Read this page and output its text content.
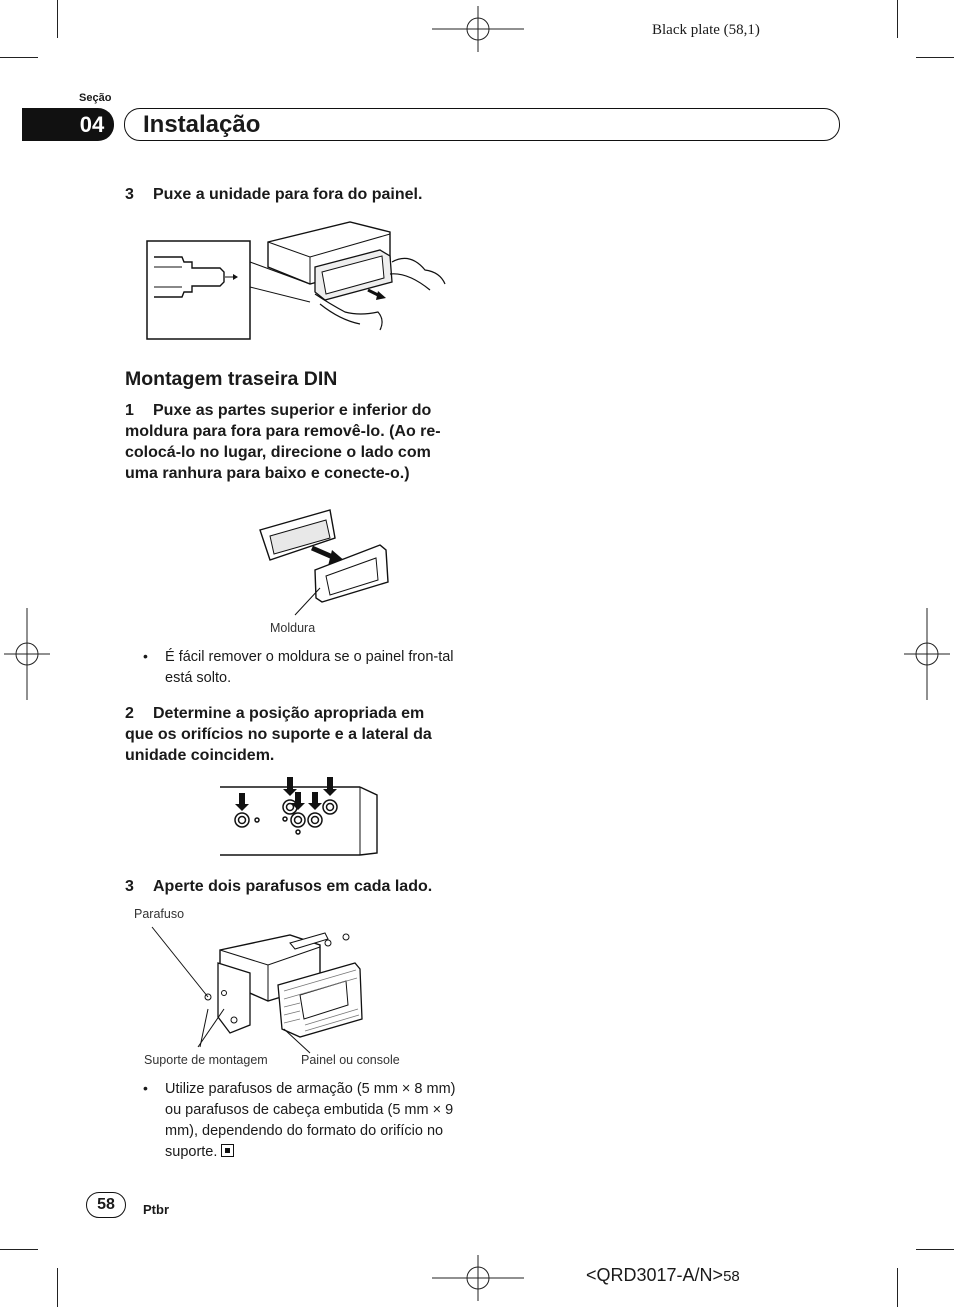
Black plate (58,1)
Seção
04	Instalação
3 Puxe a unidade para fora do painel.
Montagem traseira DIN
1 Puxe as partes superior e inferior do moldura para fora para removê-lo. (Ao re-colocá-lo no lugar, direcione o lado com uma ranhura para baixo e conecte-o.)
Moldura
• É fácil remover o moldura se o painel fron-tal está solto.
2 Determine a posição apropriada em que os orifícios no suporte e a lateral da unidade coincidem.
3 Aperte dois parafusos em cada lado.
Parafuso
Suporte de montagem	Painel ou console
• Utilize parafusos de armação (5 mm × 8 mm) ou parafusos de cabeça embutida (5 mm × 9 mm), dependendo do formato do orifício no suporte.
58	Ptbr
<QRD3017-A/N>58
